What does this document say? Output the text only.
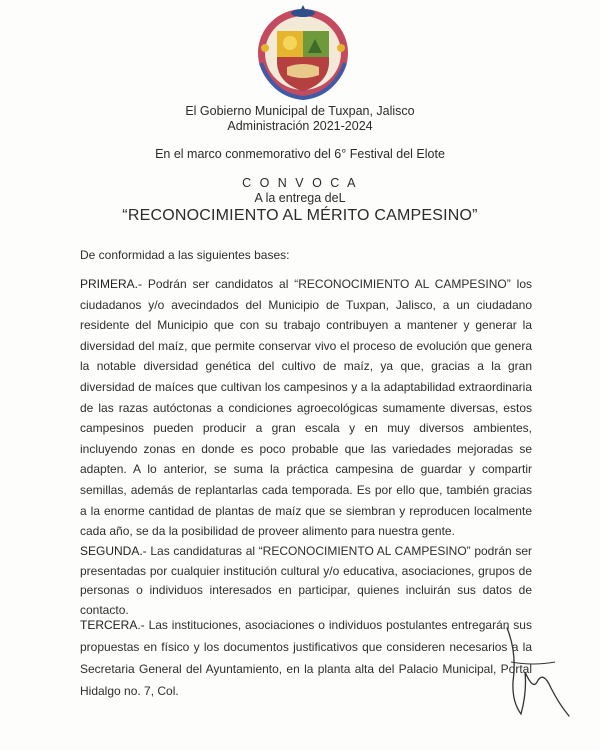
El Gobierno Municipal de Tuxpan, Jalisco
Administración 2021-2024
En el marco conmemorativo del 6° Festival del Elote
C O N V O C A
A la entrega deL
“RECONOCIMIENTO AL MÉRITO CAMPESINO”
De conformidad a las siguientes bases:
PRIMERA.- Podrán ser candidatos al “RECONOCIMIENTO AL CAMPESINO” los ciudadanos y/o avecindados del Municipio de Tuxpan, Jalisco, a un ciudadano residente del Municipio que con su trabajo contribuyen a mantener y generar la diversidad del maíz, que permite conservar vivo el proceso de evolución que genera la notable diversidad genética del cultivo de maíz, ya que, gracias a la gran diversidad de maíces que cultivan los campesinos y a la adaptabilidad extraordinaria de las razas autóctonas a condiciones agroecológicas sumamente diversas, estos campesinos pueden producir a gran escala y en muy diversos ambientes, incluyendo zonas en donde es poco probable que las variedades mejoradas se adapten. A lo anterior, se suma la práctica campesina de guardar y compartir semillas, además de replantarlas cada temporada. Es por ello que, también gracias a la enorme cantidad de plantas de maíz que se siembran y reproducen localmente cada año, se da la posibilidad de proveer alimento para nuestra gente.
SEGUNDA.- Las candidaturas al “RECONOCIMIENTO AL CAMPESINO” podrán ser presentadas por cualquier institución cultural y/o educativa, asociaciones, grupos de personas o individuos interesados en participar, quienes incluirán sus datos de contacto.
TERCERA.- Las instituciones, asociaciones o individuos postulantes entregarán sus propuestas en físico y los documentos justificativos que consideren necesarios a la Secretaria General del Ayuntamiento, en la planta alta del Palacio Municipal, Portal Hidalgo no. 7, Col.
